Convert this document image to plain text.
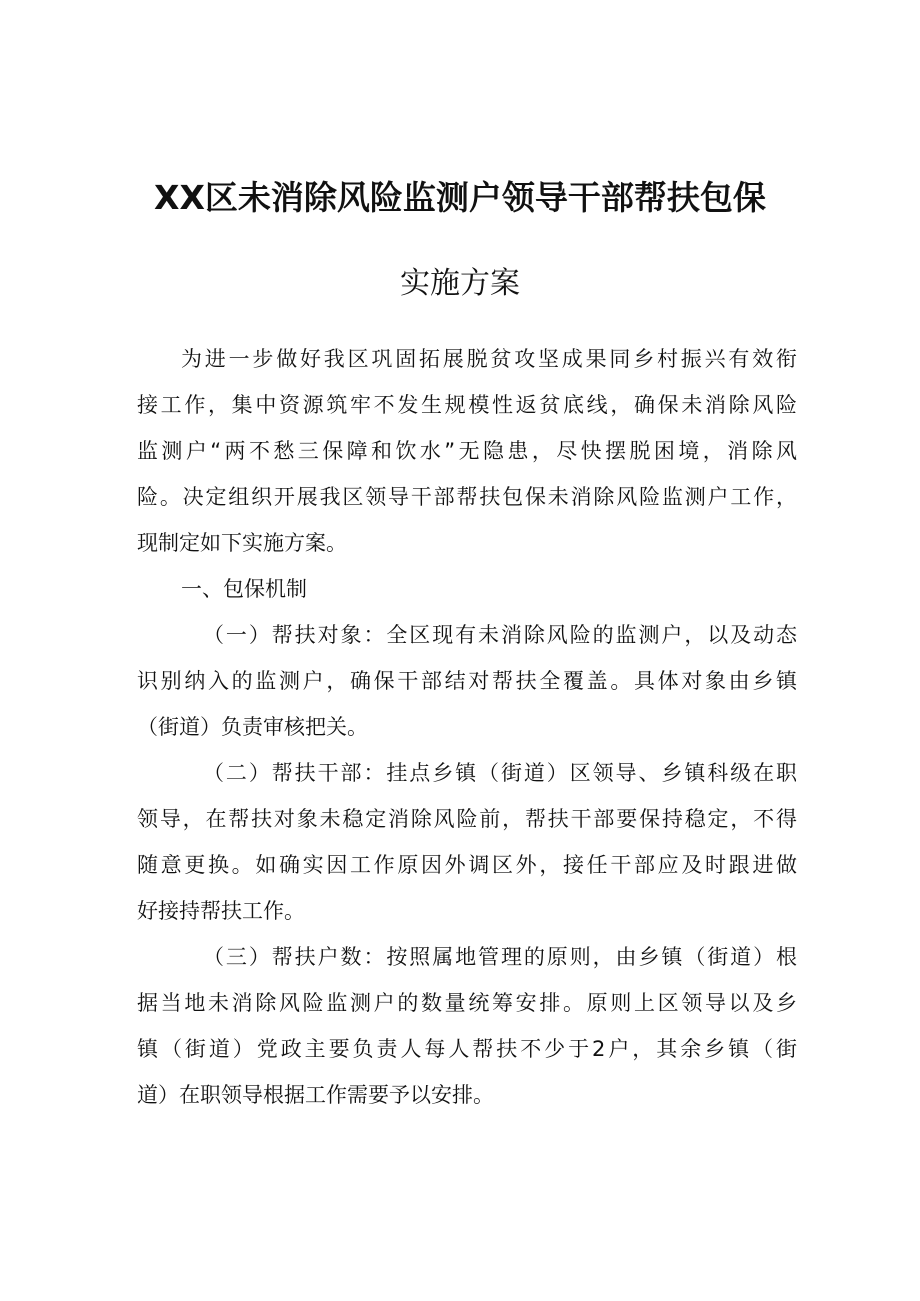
XX区未消除风险监测户领导干部帮扶包保
实施方案
为进一步做好我区巩固拓展脱贫攻坚成果同乡村振兴有效衔
接工作，集中资源筑牢不发生规模性返贫底线，确保未消除风险
监测户“两不愁三保障和饮水”无隐患，尽快摆脱困境，消除风
险。决定组织开展我区领导干部帮扶包保未消除风险监测户工作，
现制定如下实施方案。
一、包保机制
（一）帮扶对象：全区现有未消除风险的监测户，以及动态
识别纳入的监测户，确保干部结对帮扶全覆盖。具体对象由乡镇
（街道）负责审核把关。
（二）帮扶干部：挂点乡镇（街道）区领导、乡镇科级在职
领导，在帮扶对象未稳定消除风险前，帮扶干部要保持稳定，不得
随意更换。如确实因工作原因外调区外，接任干部应及时跟进做
好接持帮扶工作。
（三）帮扶户数：按照属地管理的原则，由乡镇（街道）根
据当地未消除风险监测户的数量统筹安排。原则上区领导以及乡
镇（街道）党政主要负责人每人帮扶不少于2户，其余乡镇（街
道）在职领导根据工作需要予以安排。
